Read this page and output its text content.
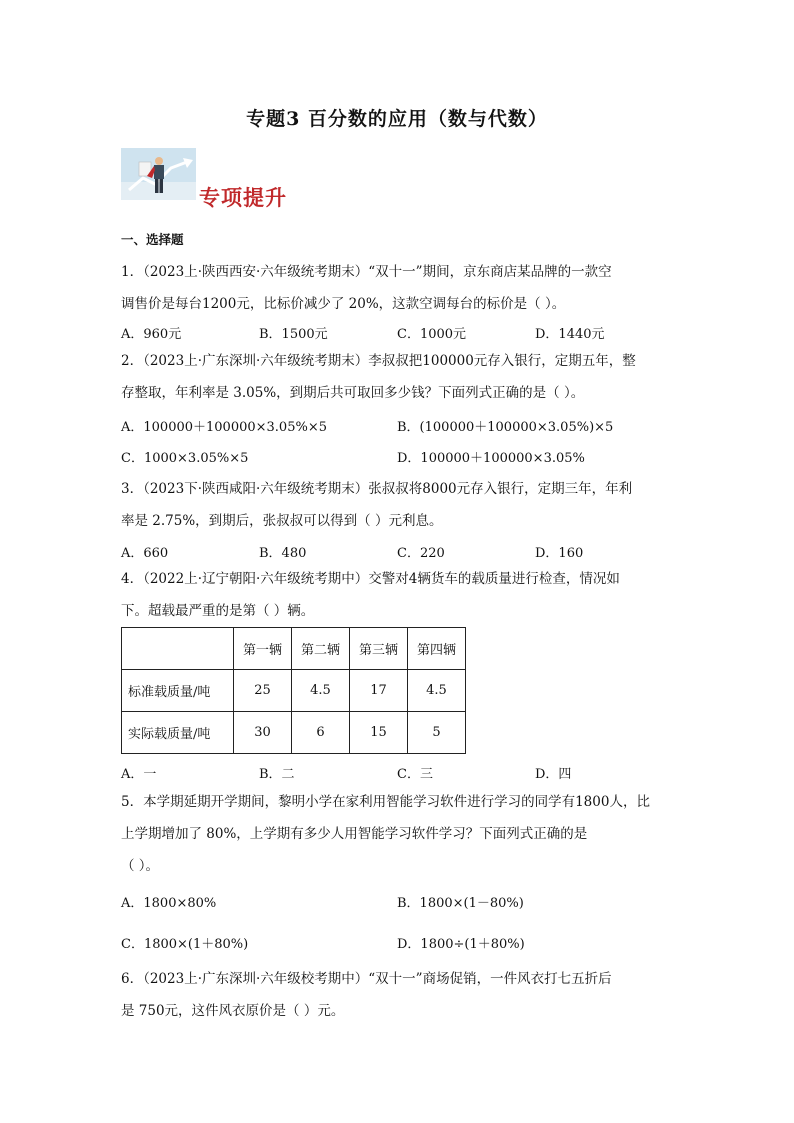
专题3 百分数的应用（数与代数）
专项提升
一、选择题
1．（2023上·陕西西安·六年级统考期末）“双十一”期间，京东商店某品牌的一款空
调售价是每台1200元，比标价减少了 20%，这款空调每台的标价是（ ）。
A．960元	B．1500元	C．1000元	D．1440元
2．（2023上·广东深圳·六年级统考期末）李叔叔把100000元存入银行，定期五年，整
存整取，年利率是 3.05%，到期后共可取回多少钱？下面列式正确的是（ ）。
A．100000＋100000×3.05%×5	B．(100000＋100000×3.05%)×5
C．1000×3.05%×5	D．100000＋100000×3.05%
3．（2023下·陕西咸阳·六年级统考期末）张叔叔将8000元存入银行，定期三年，年利
率是 2.75%，到期后，张叔叔可以得到（ ）元利息。
A．660	B．480	C．220	D．160
4．（2022上·辽宁朝阳·六年级统考期中）交警对4辆货车的载质量进行检查，情况如
下。超载最严重的是第（ ）辆。
	第一辆	第二辆	第三辆	第四辆
标准载质量/吨	25	4.5	17	4.5
实际载质量/吨	30	6	15	5
A．一	B．二	C．三	D．四
5．本学期延期开学期间，黎明小学在家利用智能学习软件进行学习的同学有1800人，比
上学期增加了 80%，上学期有多少人用智能学习软件学习？下面列式正确的是
（ ）。
A．1800×80%	B．1800×(1－80%)
C．1800×(1＋80%)	D．1800÷(1＋80%)
6．（2023上·广东深圳·六年级校考期中）“双十一”商场促销，一件风衣打七五折后
是 750元，这件风衣原价是（ ）元。
